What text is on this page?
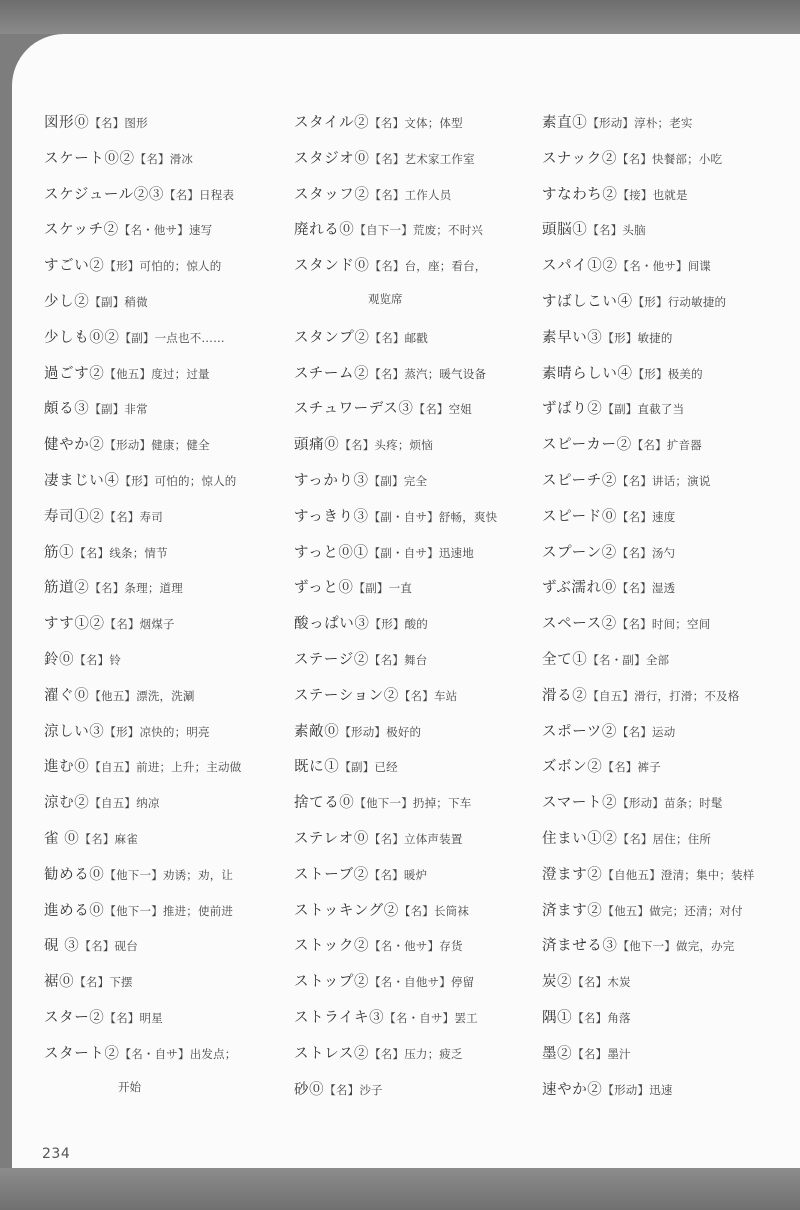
図形⓪【名】图形
スケート⓪②【名】滑冰
スケジュール②③【名】日程表
スケッチ②【名・他サ】速写
すごい②【形】可怕的；惊人的
少し②【副】稍微
少しも⓪②【副】一点也不……
過ごす②【他五】度过；过量
頗る③【副】非常
健やか②【形动】健康；健全
凄まじい④【形】可怕的；惊人的
寿司①②【名】寿司
筋①【名】线条；情节
筋道②【名】条理；道理
すす①②【名】烟煤子
鈴⓪【名】铃
濯ぐ⓪【他五】漂洗，洗涮
涼しい③【形】凉快的；明亮
進む⓪【自五】前进；上升；主动做
涼む②【自五】纳凉
雀 ⓪【名】麻雀
勧める⓪【他下一】劝诱；劝，让
進める⓪【他下一】推进；使前进
硯 ③【名】砚台
裾⓪【名】下摆
スター②【名】明星
スタート②【名・自サ】出发点；
开始
スタイル②【名】文体；体型
スタジオ⓪【名】艺术家工作室
スタッフ②【名】工作人员
廃れる⓪【自下一】荒废；不时兴
スタンド⓪【名】台，座；看台，
观览席
スタンプ②【名】邮戳
スチーム②【名】蒸汽；暖气设备
スチュワーデス③【名】空姐
頭痛⓪【名】头疼；烦恼
すっかり③【副】完全
すっきり③【副・自サ】舒畅，爽快
すっと⓪①【副・自サ】迅速地
ずっと⓪【副】一直
酸っぱい③【形】酸的
ステージ②【名】舞台
ステーション②【名】车站
素敵⓪【形动】极好的
既に①【副】已经
捨てる⓪【他下一】扔掉；下车
ステレオ⓪【名】立体声装置
ストーブ②【名】暖炉
ストッキング②【名】长筒袜
ストック②【名・他サ】存货
ストップ②【名・自他サ】停留
ストライキ③【名・自サ】罢工
ストレス②【名】压力；疲乏
砂⓪【名】沙子
素直①【形动】淳朴；老实
スナック②【名】快餐部；小吃
すなわち②【接】也就是
頭脳①【名】头脑
スパイ①②【名・他サ】间谍
すばしこい④【形】行动敏捷的
素早い③【形】敏捷的
素晴らしい④【形】极美的
ずばり②【副】直截了当
スピーカー②【名】扩音器
スピーチ②【名】讲话；演说
スピード⓪【名】速度
スプーン②【名】汤勺
ずぶ濡れ⓪【名】湿透
スペース②【名】时间；空间
全て①【名・副】全部
滑る②【自五】滑行，打滑；不及格
スポーツ②【名】运动
ズボン②【名】裤子
スマート②【形动】苗条；时髦
住まい①②【名】居住；住所
澄ます②【自他五】澄清；集中；装样
済ます②【他五】做完；还清；对付
済ませる③【他下一】做完，办完
炭②【名】木炭
隅①【名】角落
墨②【名】墨汁
速やか②【形动】迅速
234
